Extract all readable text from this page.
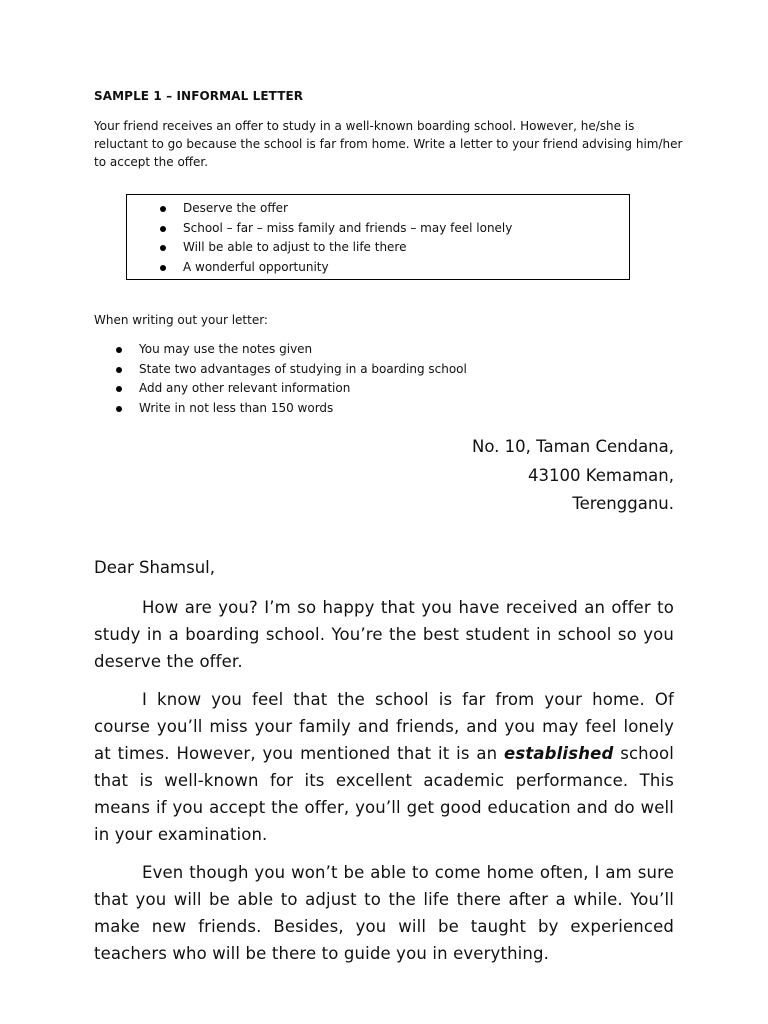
SAMPLE 1 – INFORMAL LETTER

Your friend receives an offer to study in a well-known boarding school. However, he/she is reluctant to go because the school is far from home. Write a letter to your friend advising him/her to accept the offer.

Deserve the offer
School – far – miss family and friends – may feel lonely
Will be able to adjust to the life there
A wonderful opportunity
When writing out your letter:
You may use the notes given
State two advantages of studying in a boarding school
Add any other relevant information
Write in not less than 150 words
No. 10, Taman Cendana,
43100 Kemaman,
Terengganu.
Dear Shamsul,

How are you? I’m so happy that you have received an offer to study in a boarding school. You’re the best student in school so you deserve the offer.

I know you feel that the school is far from your home. Of course you’ll miss your family and friends, and you may feel lonely at times. However, you mentioned that it is an established school that is well-known for its excellent academic performance. This means if you accept the offer, you’ll get good education and do well in your examination.

Even though you won’t be able to come home often, I am sure that you will be able to adjust to the life there after a while. You’ll make new friends. Besides, you will be taught by experienced teachers who will be there to guide you in everything.
